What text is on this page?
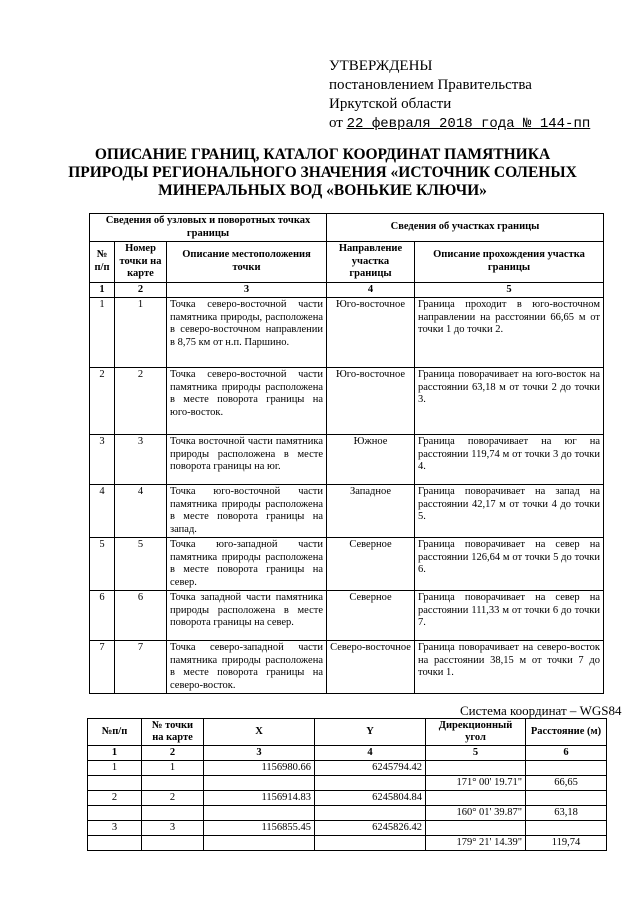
УТВЕРЖДЕНЫ
постановлением Правительства
Иркутской области
от 22 февраля 2018 года № 144-пп
ОПИСАНИЕ ГРАНИЦ, КАТАЛОГ КООРДИНАТ ПАМЯТНИКА
ПРИРОДЫ РЕГИОНАЛЬНОГО ЗНАЧЕНИЯ «ИСТОЧНИК СОЛЕНЫХ
МИНЕРАЛЬНЫХ ВОД «ВОНЬКИЕ КЛЮЧИ»
Сведения об узловых и поворотных точках границы			Сведения об участках границы	
№ п/п	Номер точки на карте	Описание местоположения точки	Направление участка границы	Описание прохождения участка границы
1	2	3	4	5
1	1	Точка северо-восточной части памятника природы, расположена в северо-восточном направлении в 8,75 км от н.п. Паршино.	Юго-восточное	Граница проходит в юго-восточном направлении на расстоянии 66,65 м от точки 1 до точки 2.
2	2	Точка северо-восточной части памятника природы расположена в месте поворота границы на юго-восток.	Юго-восточное	Граница поворачивает на юго-восток на расстоянии 63,18 м от точки 2 до точки 3.
3	3	Точка восточной части памятника природы расположена в месте поворота границы на юг.	Южное	Граница поворачивает на юг на расстоянии 119,74 м от точки 3 до точки 4.
4	4	Точка юго-восточной части памятника природы расположена в месте поворота границы на запад.	Западное	Граница поворачивает на запад на расстоянии 42,17 м от точки 4 до точки 5.
5	5	Точка юго-западной части памятника природы расположена в месте поворота границы на север.	Северное	Граница поворачивает на север на расстоянии 126,64 м от точки 5 до точки 6.
6	6	Точка западной части памятника природы расположена в месте поворота границы на север.	Северное	Граница поворачивает на север на расстоянии 111,33 м от точки 6 до точки 7.
7	7	Точка северо-западной части памятника природы расположена в месте поворота границы на северо-восток.	Северо-восточное	Граница поворачивает на северо-восток на расстоянии 38,15 м от точки 7 до точки 1.
Система координат – WGS84
№п/п	№ точки на карте	X	Y	Дирекционный угол	Расстояние (м)
1	2	3	4	5	6
1	1	1156980.66	6245794.42		
				171° 00' 19.71"	66,65
2	2	1156914.83	6245804.84		
				160° 01' 39.87"	63,18
3	3	1156855.45	6245826.42		
				179° 21' 14.39"	119,74
